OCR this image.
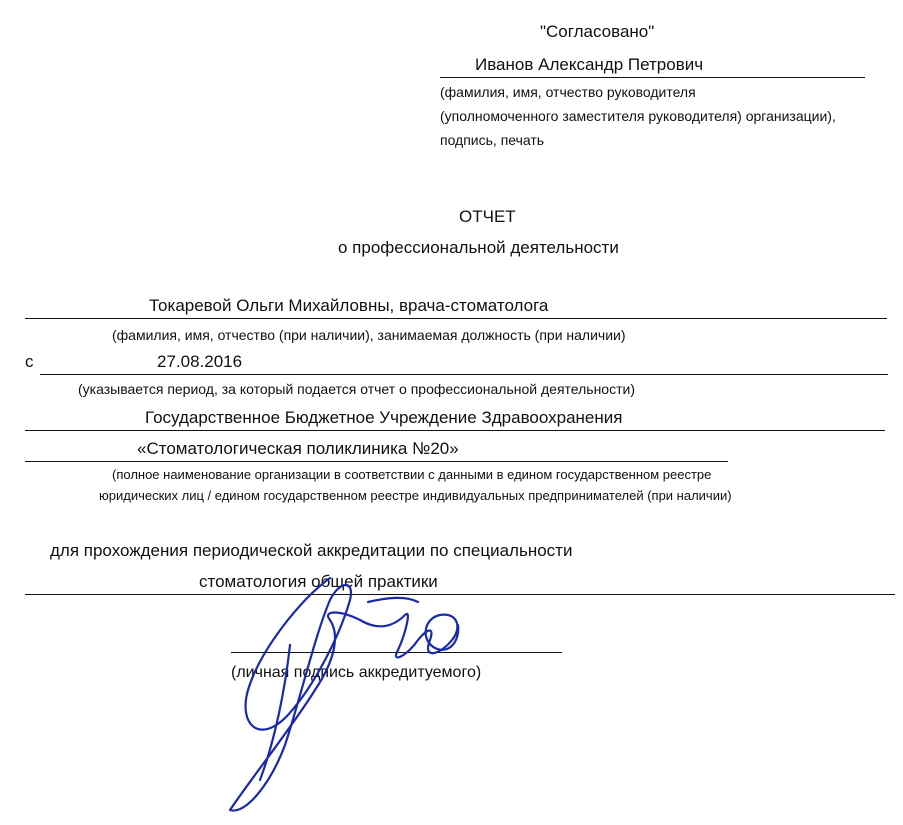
"Согласовано"
Иванов Александр Петрович
(фамилия, имя, отчество руководителя
(уполномоченного заместителя руководителя) организации),
подпись, печать
ОТЧЕТ
о профессиональной деятельности
Токаревой Ольги Михайловны, врача-стоматолога
(фамилия, имя, отчество (при наличии), занимаемая должность (при наличии)
с	27.08.2016
(указывается период, за который подается отчет о профессиональной деятельности)
Государственное Бюджетное Учреждение Здравоохранения
«Стоматологическая поликлиника №20»
(полное наименование организации в соответствии с данными в едином государственном реестре
юридических лиц / едином государственном реестре индивидуальных предпринимателей (при наличии)
для прохождения периодической аккредитации по специальности
стоматология общей практики
(личная подпись аккредитуемого)
